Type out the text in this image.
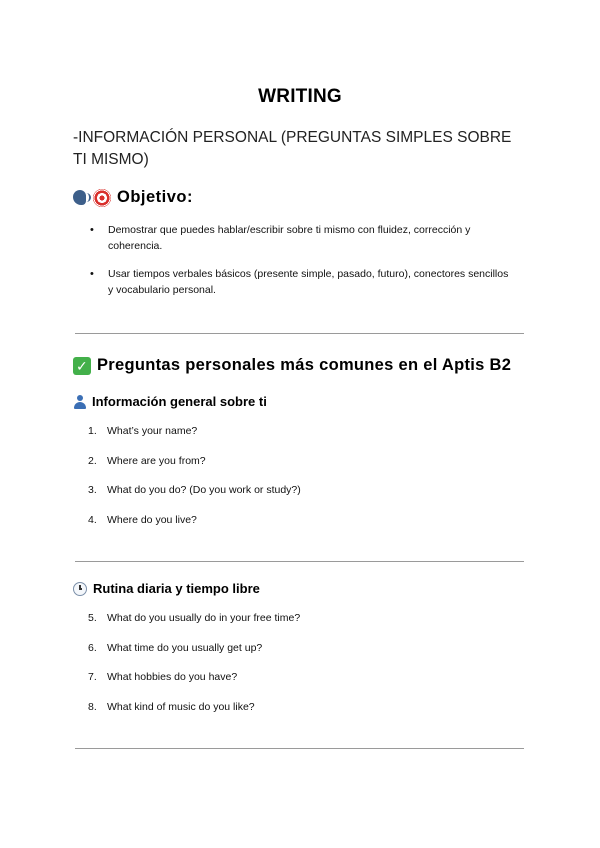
WRITING
-INFORMACIÓN PERSONAL (PREGUNTAS SIMPLES SOBRE TI MISMO)
Objetivo:
• Demostrar que puedes hablar/escribir sobre ti mismo con fluidez, corrección y coherencia.
• Usar tiempos verbales básicos (presente simple, pasado, futuro), conectores sencillos y vocabulario personal.
✓ Preguntas personales más comunes en el Aptis B2
Información general sobre ti
1. What’s your name?
2. Where are you from?
3. What do you do? (Do you work or study?)
4. Where do you live?
Rutina diaria y tiempo libre
5. What do you usually do in your free time?
6. What time do you usually get up?
7. What hobbies do you have?
8. What kind of music do you like?
